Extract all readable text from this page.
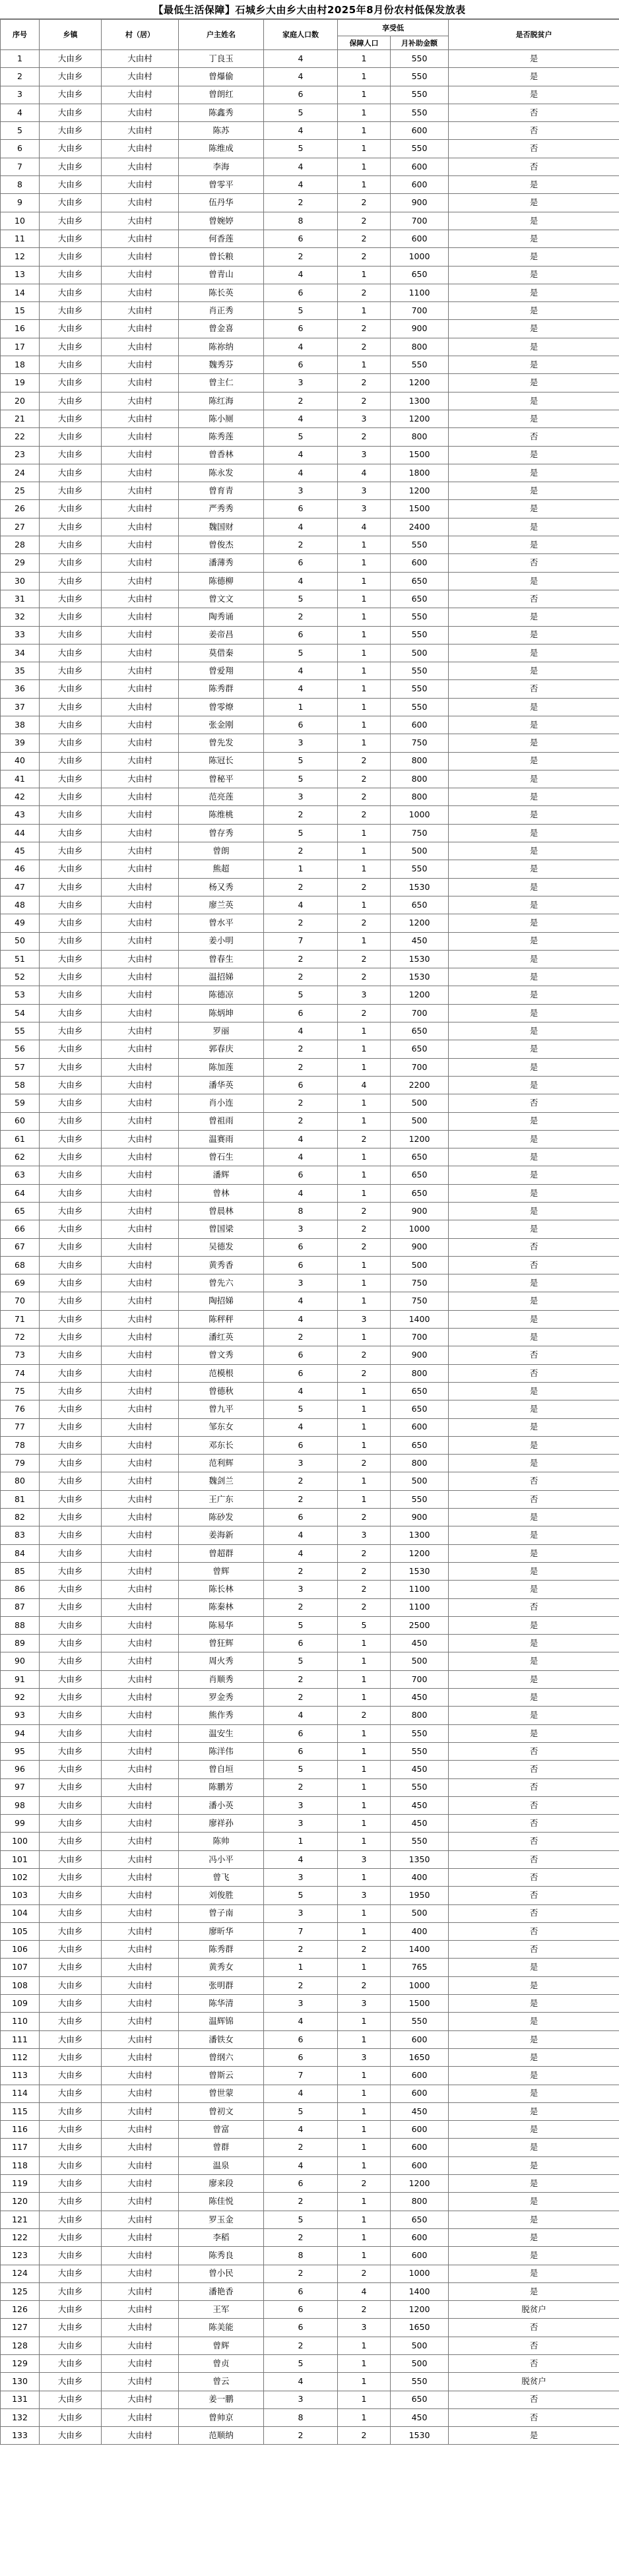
【最低生活保障】石城乡大由乡大由村2025年8月份农村低保发放表
序号	乡镇	村（居）	户主姓名	家庭人口数	享受低		是否脱贫户
					保障人口	月补助金额	
1	大由乡	大由村	丁良玉	4	1	550	是
2	大由乡	大由村	曾爆偷	4	1	550	是
3	大由乡	大由村	曾朗红	6	1	550	是
4	大由乡	大由村	陈鑫秀	5	1	550	否
5	大由乡	大由村	陈苏	4	1	600	否
6	大由乡	大由村	陈维成	5	1	550	否
7	大由乡	大由村	李海	4	1	600	否
8	大由乡	大由村	曾零平	4	1	600	是
9	大由乡	大由村	伍丹华	2	2	900	是
10	大由乡	大由村	曾婉婷	8	2	700	是
11	大由乡	大由村	何香莲	6	2	600	是
12	大由乡	大由村	曾长粮	2	2	1000	是
13	大由乡	大由村	曾青山	4	1	650	是
14	大由乡	大由村	陈长英	6	2	1100	是
15	大由乡	大由村	肖正秀	5	1	700	是
16	大由乡	大由村	曾金喜	6	2	900	是
17	大由乡	大由村	陈祢纳	4	2	800	是
18	大由乡	大由村	魏秀芬	6	1	550	是
19	大由乡	大由村	曾主仁	3	2	1200	是
20	大由乡	大由村	陈红海	2	2	1300	是
21	大由乡	大由村	陈小厕	4	3	1200	是
22	大由乡	大由村	陈秀莲	5	2	800	否
23	大由乡	大由村	曾香林	4	3	1500	是
24	大由乡	大由村	陈永发	4	4	1800	是
25	大由乡	大由村	曾育青	3	3	1200	是
26	大由乡	大由村	严秀秀	6	3	1500	是
27	大由乡	大由村	魏国财	4	4	2400	是
28	大由乡	大由村	曾俊杰	2	1	550	是
29	大由乡	大由村	潘薄秀	6	1	600	否
30	大由乡	大由村	陈德柳	4	1	650	是
31	大由乡	大由村	曾文文	5	1	650	否
32	大由乡	大由村	陶秀诵	2	1	550	是
33	大由乡	大由村	姜帝昌	6	1	550	是
34	大由乡	大由村	莫借秦	5	1	500	是
35	大由乡	大由村	曾爱翔	4	1	550	是
36	大由乡	大由村	陈秀群	4	1	550	否
37	大由乡	大由村	曾零燎	1	1	550	是
38	大由乡	大由村	张金刚	6	1	600	是
39	大由乡	大由村	曾先发	3	1	750	是
40	大由乡	大由村	陈冠长	5	2	800	是
41	大由乡	大由村	曾秘平	5	2	800	是
42	大由乡	大由村	范亮莲	3	2	800	是
43	大由乡	大由村	陈维桃	2	2	1000	是
44	大由乡	大由村	曾存秀	5	1	750	是
45	大由乡	大由村	曾朗	2	1	500	是
46	大由乡	大由村	熊超	1	1	550	是
47	大由乡	大由村	杨又秀	2	2	1530	是
48	大由乡	大由村	廖兰英	4	1	650	是
49	大由乡	大由村	曾水平	2	2	1200	是
50	大由乡	大由村	姜小明	7	1	450	是
51	大由乡	大由村	曾春生	2	2	1530	是
52	大由乡	大由村	温招娣	2	2	1530	是
53	大由乡	大由村	陈德凉	5	3	1200	是
54	大由乡	大由村	陈炳坤	6	2	700	是
55	大由乡	大由村	罗丽	4	1	650	是
56	大由乡	大由村	郭春庆	2	1	650	是
57	大由乡	大由村	陈加莲	2	1	700	是
58	大由乡	大由村	潘华英	6	4	2200	是
59	大由乡	大由村	肖小连	2	1	500	否
60	大由乡	大由村	曾祖雨	2	1	500	是
61	大由乡	大由村	温赛雨	4	2	1200	是
62	大由乡	大由村	曾石生	4	1	650	是
63	大由乡	大由村	潘辉	6	1	650	是
64	大由乡	大由村	曾林	4	1	650	是
65	大由乡	大由村	曾晨林	8	2	900	是
66	大由乡	大由村	曾国梁	3	2	1000	是
67	大由乡	大由村	吴德发	6	2	900	否
68	大由乡	大由村	黄秀香	6	1	500	否
69	大由乡	大由村	曾先六	3	1	750	是
70	大由乡	大由村	陶招娣	4	1	750	是
71	大由乡	大由村	陈秤秤	4	3	1400	是
72	大由乡	大由村	潘红英	2	1	700	是
73	大由乡	大由村	曾文秀	6	2	900	否
74	大由乡	大由村	范模根	6	2	800	否
75	大由乡	大由村	曾德秋	4	1	650	是
76	大由乡	大由村	曾九平	5	1	650	是
77	大由乡	大由村	邹东女	4	1	600	是
78	大由乡	大由村	邓东长	6	1	650	是
79	大由乡	大由村	范利辉	3	2	800	是
80	大由乡	大由村	魏剑兰	2	1	500	否
81	大由乡	大由村	王广东	2	1	550	否
82	大由乡	大由村	陈砂发	6	2	900	是
83	大由乡	大由村	姜海新	4	3	1300	是
84	大由乡	大由村	曾超群	4	2	1200	是
85	大由乡	大由村	曾辉	2	2	1530	是
86	大由乡	大由村	陈长林	3	2	1100	是
87	大由乡	大由村	陈秦林	2	2	1100	否
88	大由乡	大由村	陈易华	5	5	2500	是
89	大由乡	大由村	曾狂辉	6	1	450	是
90	大由乡	大由村	周火秀	5	1	500	是
91	大由乡	大由村	肖顺秀	2	1	700	是
92	大由乡	大由村	罗金秀	2	1	450	是
93	大由乡	大由村	熊作秀	4	2	800	是
94	大由乡	大由村	温安生	6	1	550	是
95	大由乡	大由村	陈洋伟	6	1	550	否
96	大由乡	大由村	曾自垣	5	1	450	否
97	大由乡	大由村	陈鹏芳	2	1	550	否
98	大由乡	大由村	潘小英	3	1	450	否
99	大由乡	大由村	廖祥孙	3	1	450	否
100	大由乡	大由村	陈帅	1	1	550	否
101	大由乡	大由村	冯小平	4	3	1350	否
102	大由乡	大由村	曾飞	3	1	400	否
103	大由乡	大由村	刘俊胜	5	3	1950	否
104	大由乡	大由村	曾子南	3	1	500	否
105	大由乡	大由村	廖昕华	7	1	400	否
106	大由乡	大由村	陈秀群	2	2	1400	否
107	大由乡	大由村	黄秀女	1	1	765	是
108	大由乡	大由村	张明群	2	2	1000	是
109	大由乡	大由村	陈华清	3	3	1500	是
110	大由乡	大由村	温辉锦	4	1	550	是
111	大由乡	大由村	潘铁女	6	1	600	是
112	大由乡	大由村	曾纲六	6	3	1650	是
113	大由乡	大由村	曾斯云	7	1	600	是
114	大由乡	大由村	曾世蒙	4	1	600	是
115	大由乡	大由村	曾初文	5	1	450	是
116	大由乡	大由村	曾富	4	1	600	是
117	大由乡	大由村	曾群	2	1	600	是
118	大由乡	大由村	温泉	4	1	600	是
119	大由乡	大由村	廖来段	6	2	1200	是
120	大由乡	大由村	陈佳悦	2	1	800	是
121	大由乡	大由村	罗玉金	5	1	650	是
122	大由乡	大由村	李稻	2	1	600	是
123	大由乡	大由村	陈秀良	8	1	600	是
124	大由乡	大由村	曾小民	2	2	1000	是
125	大由乡	大由村	潘艳香	6	4	1400	是
126	大由乡	大由村	王军	6	2	1200	脱贫户
127	大由乡	大由村	陈美能	6	3	1650	否
128	大由乡	大由村	曾辉	2	1	500	否
129	大由乡	大由村	曾贞	5	1	500	否
130	大由乡	大由村	曾云	4	1	550	脱贫户
131	大由乡	大由村	姜一鹏	3	1	650	否
132	大由乡	大由村	曾帅京	8	1	450	否
133	大由乡	大由村	范顺纳	2	2	1530	是
